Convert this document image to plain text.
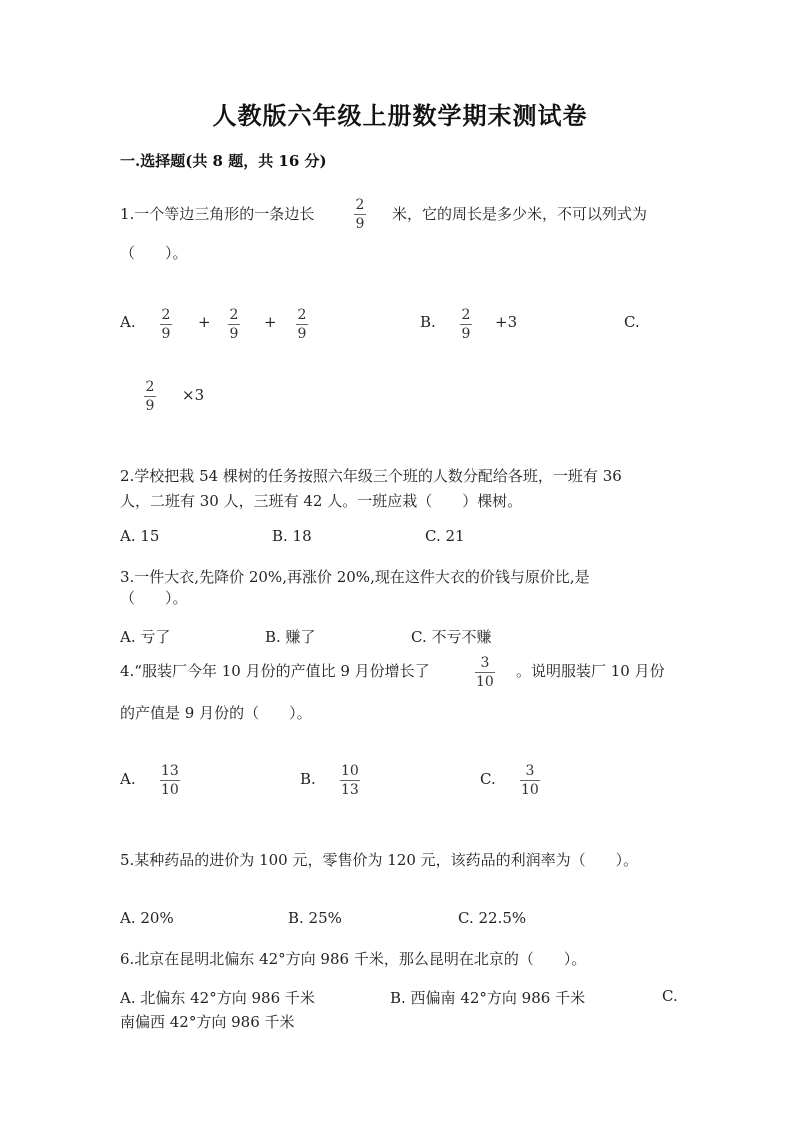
人教版六年级上册数学期末测试卷
一.选择题(共 8 题，共 16 分)
1.一个等边三角形的一条边长	2
9
米，它的周长是多少米，不可以列式为
（　　）。
A. 2
9
+ 2
9
+ 2
9
B. 2
9
+3	C.
2
9
×3
2.学校把栽 54 棵树的任务按照六年级三个班的人数分配给各班，一班有 36
人，二班有 30 人，三班有 42 人。一班应栽（　　）棵树。
A. 15	B. 18	C. 21
3.一件大衣,先降价 20%,再涨价 20%,现在这件大衣的价钱与原价比,是
（　　）。
A. 亏了	B. 赚了	C. 不亏不赚
4.“服装厂今年 10 月份的产值比 9 月份增长了	3
10
。说明服装厂 10 月份
的产值是 9 月份的（　　）。
A. 13
10
B. 10
13
C. 3
10
5.某种药品的进价为 100 元，零售价为 120 元，该药品的利润率为（　　）。
A. 20%	B. 25%	C. 22.5%
6.北京在昆明北偏东 42°方向 986 千米，那么昆明在北京的（　　）。
A. 北偏东 42°方向 986 千米	B. 西偏南 42°方向 986 千米	C.
南偏西 42°方向 986 千米
